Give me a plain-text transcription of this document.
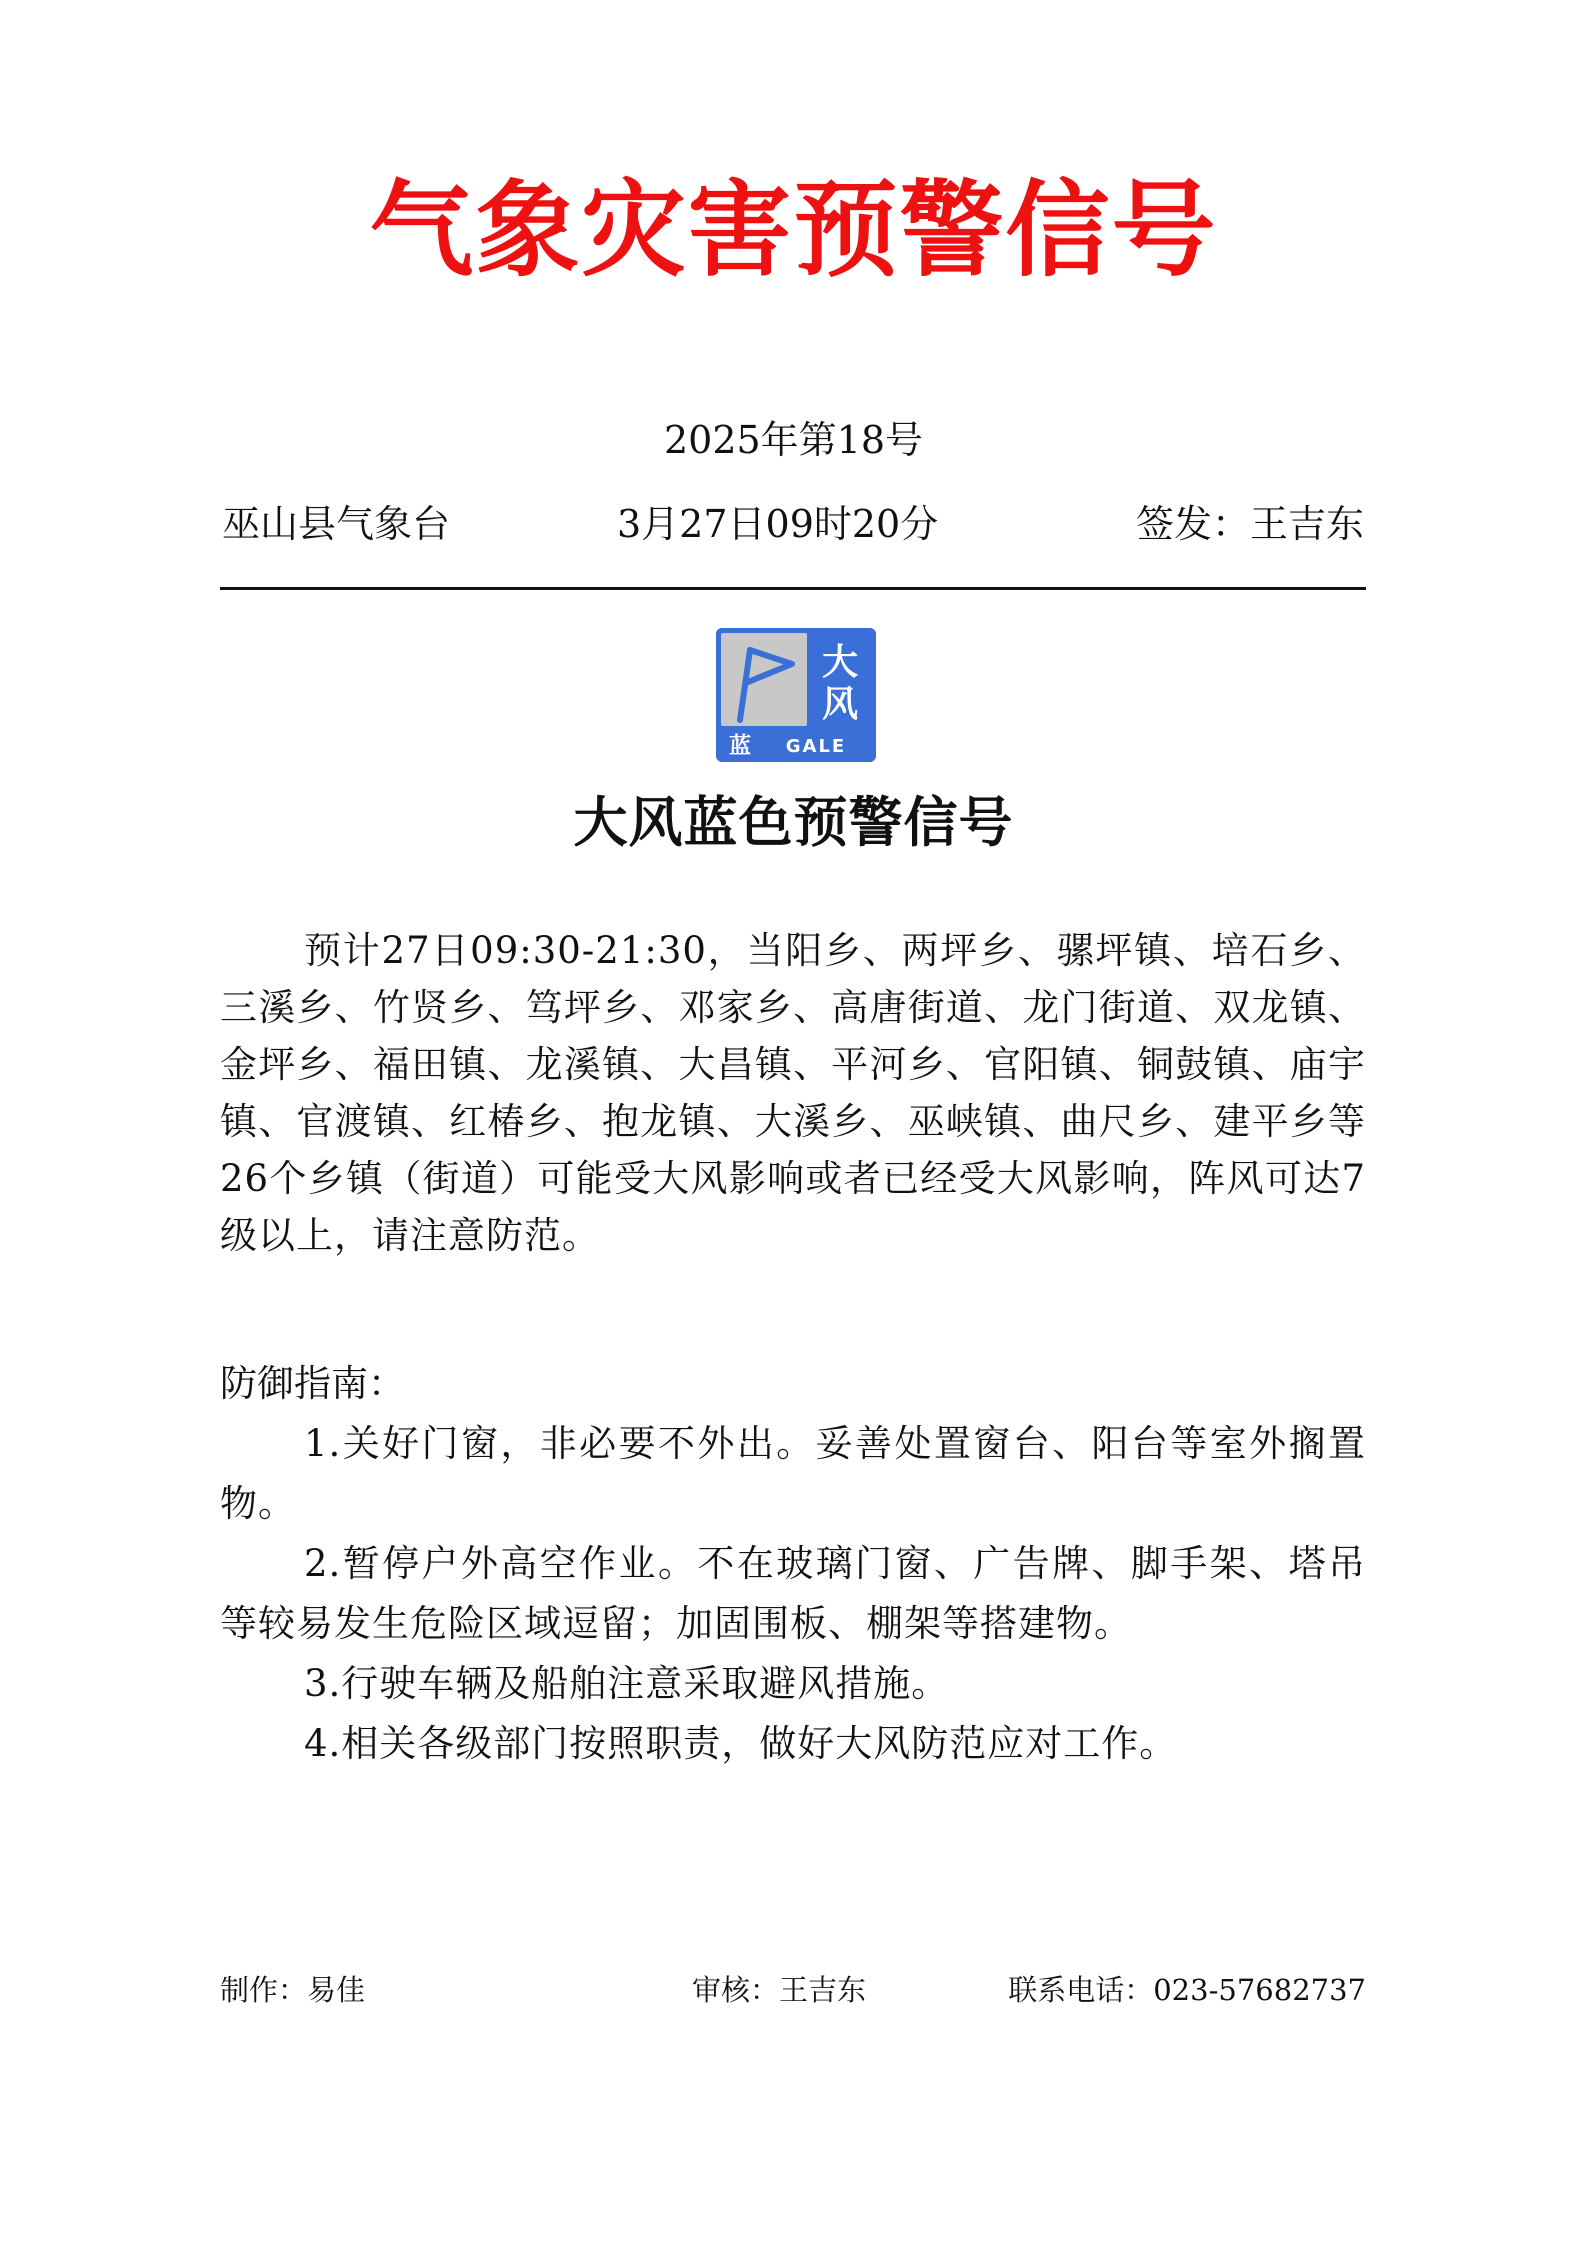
气象灾害预警信号
2025年第18号
巫山县气象台	3月27日09时20分	签发：王吉东
大
风
蓝 GALE
大风蓝色预警信号

预计27日09:30-21:30，当阳乡、两坪乡、骡坪镇、培石乡、三溪乡、竹贤乡、笃坪乡、邓家乡、高唐街道、龙门街道、双龙镇、金坪乡、福田镇、龙溪镇、大昌镇、平河乡、官阳镇、铜鼓镇、庙宇镇、官渡镇、红椿乡、抱龙镇、大溪乡、巫峡镇、曲尺乡、建平乡等26个乡镇（街道）可能受大风影响或者已经受大风影响，阵风可达7级以上，请注意防范。

防御指南：
1.关好门窗，非必要不外出。妥善处置窗台、阳台等室外搁置物。
2.暂停户外高空作业。不在玻璃门窗、广告牌、脚手架、塔吊等较易发生危险区域逗留；加固围板、棚架等搭建物。
3.行驶车辆及船舶注意采取避风措施。
4.相关各级部门按照职责，做好大风防范应对工作。
制作：易佳	审核：王吉东	联系电话：023-57682737
